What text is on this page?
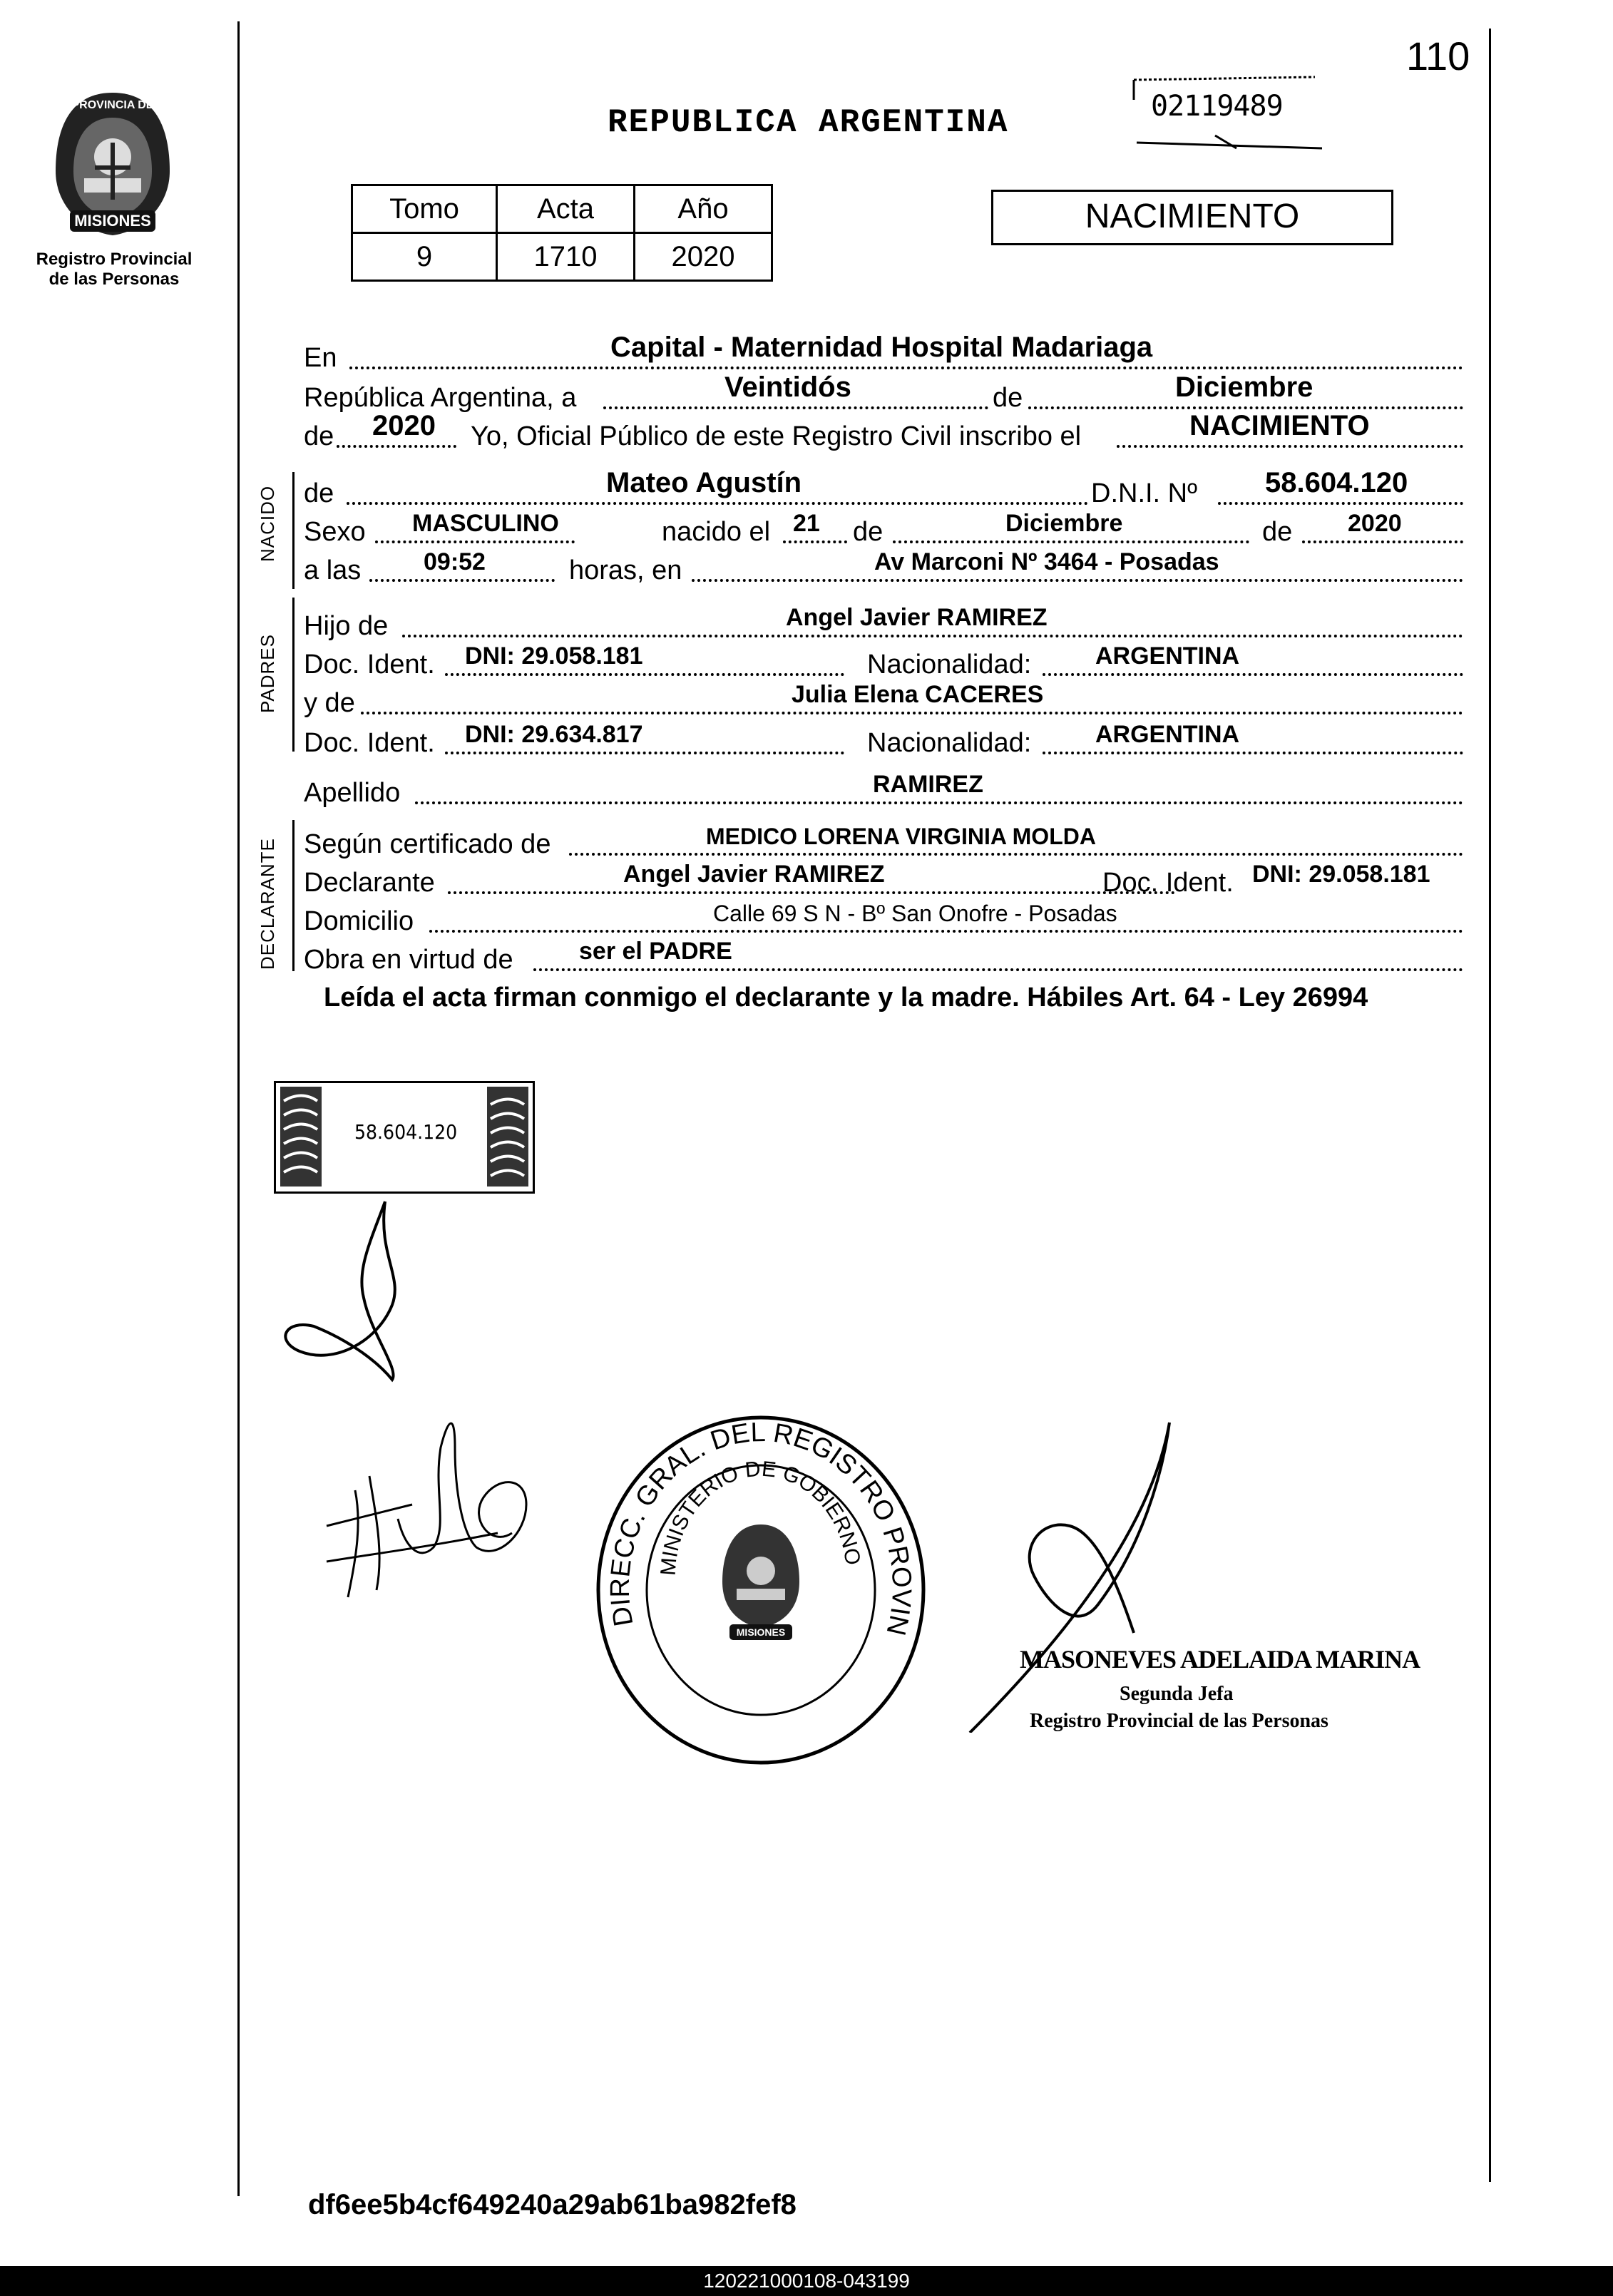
110
MISIONES
PROVINCIA DE
Registro Provincial
de las Personas
REPUBLICA ARGENTINA	02119489
Tomo	Acta	Año
9	1710	2020
NACIMIENTO
NACIDO
PADRES
DECLARANTE
En	Capital - Maternidad Hospital Madariaga
República Argentina, a	Veintidós	de	Diciembre
de 2020 Yo, Oficial Público de este Registro Civil inscribo el	NACIMIENTO
de	Mateo Agustín	D.N.I. Nº 58.604.120
Sexo MASCULINO	nacido el 21 de	Diciembre	de 2020
a las	09:52	horas, en	Av Marconi Nº 3464 - Posadas
Hijo de	Angel Javier RAMIREZ
Doc. Ident. DNI: 29.058.181	Nacionalidad:	ARGENTINA
y de	Julia Elena CACERES
Doc. Ident. DNI: 29.634.817	Nacionalidad:	ARGENTINA
Apellido	RAMIREZ
Según certificado de	MEDICO LORENA VIRGINIA MOLDA
Declarante	Angel Javier RAMIREZ	Doc. Ident. DNI: 29.058.181
Domicilio	Calle 69 S N - Bº San Onofre - Posadas
Obra en virtud de	ser el PADRE
Leída el acta firman conmigo el declarante y la madre. Hábiles Art. 64 - Ley 26994
58.604.120
DIRECC. GRAL. DEL REGISTRO PROVIN
MINISTERIO DE GOBIERNO
MISIONES
MASONEVES ADELAIDA MARINA
Segunda Jefa
Registro Provincial de las Personas
df6ee5b4cf649240a29ab61ba982fef8
120221000108-043199
